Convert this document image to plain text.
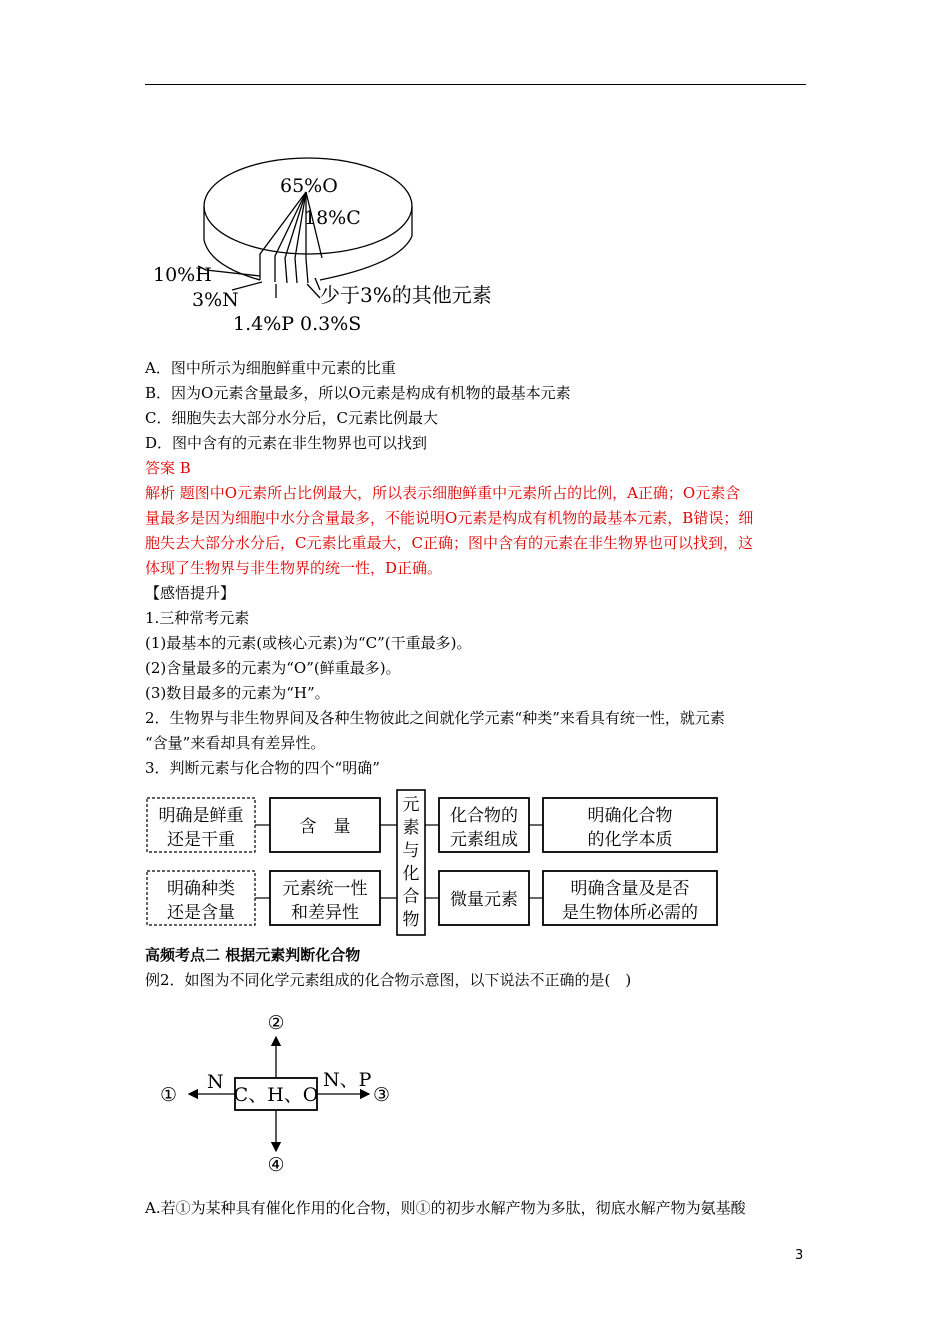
65%O
18%C
10%H
3%N
1.4%P 0.3%S
少于3%的其他元素
A．图中所示为细胞鲜重中元素的比重
B．因为O元素含量最多，所以O元素是构成有机物的最基本元素
C．细胞失去大部分水分后，C元素比例最大
D．图中含有的元素在非生物界也可以找到
答案 B
解析 题图中O元素所占比例最大，所以表示细胞鲜重中元素所占的比例，A正确；O元素含
量最多是因为细胞中水分含量最多，不能说明O元素是构成有机物的最基本元素，B错误；细
胞失去大部分水分后，C元素比重最大，C正确；图中含有的元素在非生物界也可以找到，这
体现了生物界与非生物界的统一性，D正确。
【感悟提升】
1.三种常考元素
(1)最基本的元素(或核心元素)为“C”(干重最多)。
(2)含量最多的元素为“O”(鲜重最多)。
(3)数目最多的元素为“H”。
2．生物界与非生物界间及各种生物彼此之间就化学元素“种类”来看具有统一性，就元素
“含量”来看却具有差异性。
3．判断元素与化合物的四个“明确”
明确是鲜重
还是干重
含　量
明确种类
还是含量
元素统一性
和差异性
元
素
与
化
合
物
化合物的
元素组成
明确化合物
的化学本质
微量元素
明确含量及是否
是生物体所必需的
高频考点二 根据元素判断化合物
例2．如图为不同化学元素组成的化合物示意图，以下说法不正确的是(　)
C、H、O
②
④
①	③
N	N、P
A.若①为某种具有催化作用的化合物，则①的初步水解产物为多肽，彻底水解产物为氨基酸
3
